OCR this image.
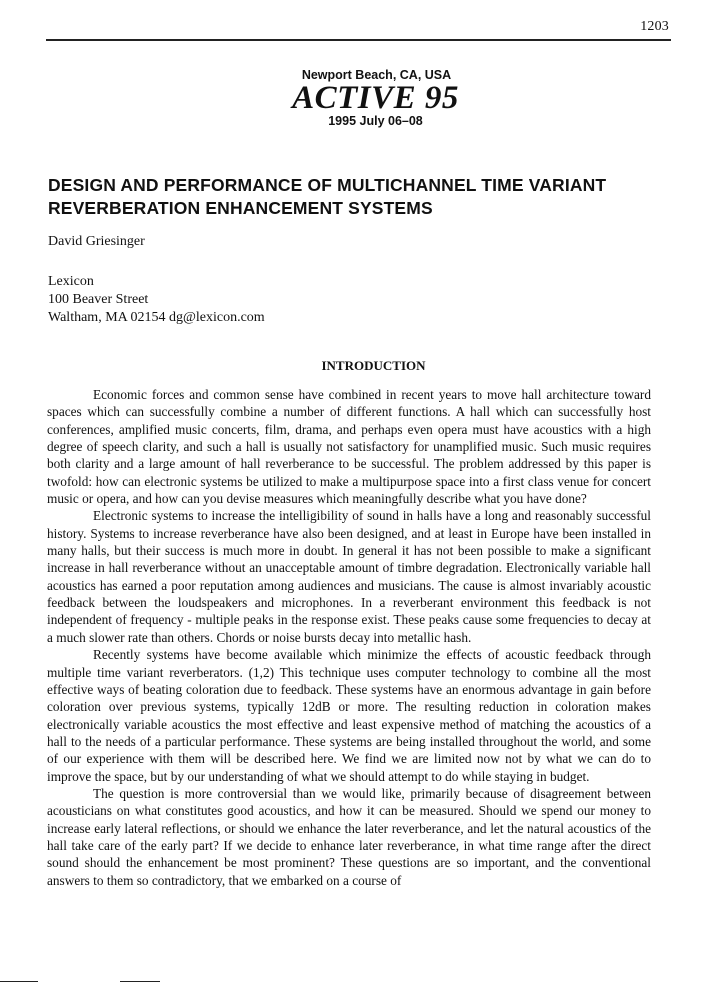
1203
Newport Beach, CA, USA
ACTIVE 95
1995 July 06–08
DESIGN AND PERFORMANCE OF MULTICHANNEL TIME VARIANT REVERBERATION ENHANCEMENT SYSTEMS
David Griesinger
Lexicon
100 Beaver Street
Waltham, MA 02154 dg@lexicon.com
INTRODUCTION

Economic forces and common sense have combined in recent years to move hall architecture toward spaces which can successfully combine a number of different functions. A hall which can successfully host conferences, amplified music concerts, film, drama, and perhaps even opera must have acoustics with a high degree of speech clarity, and such a hall is usually not satisfactory for unamplified music. Such music requires both clarity and a large amount of hall reverberance to be successful. The problem addressed by this paper is twofold: how can electronic systems be utilized to make a multipurpose space into a first class venue for concert music or opera, and how can you devise measures which meaningfully describe what you have done?

Electronic systems to increase the intelligibility of sound in halls have a long and reasonably successful history. Systems to increase reverberance have also been designed, and at least in Europe have been installed in many halls, but their success is much more in doubt. In general it has not been possible to make a significant increase in hall reverberance without an unacceptable amount of timbre degradation. Electronically variable hall acoustics has earned a poor reputation among audiences and musicians. The cause is almost invariably acoustic feedback between the loudspeakers and microphones. In a reverberant environment this feedback is not independent of frequency - multiple peaks in the response exist. These peaks cause some frequencies to decay at a much slower rate than others. Chords or noise bursts decay into metallic hash.

Recently systems have become available which minimize the effects of acoustic feedback through multiple time variant reverberators. (1,2) This technique uses computer technology to combine all the most effective ways of beating coloration due to feedback. These systems have an enormous advantage in gain before coloration over previous systems, typically 12dB or more. The resulting reduction in coloration makes electronically variable acoustics the most effective and least expensive method of matching the acoustics of a hall to the needs of a particular performance. These systems are being installed throughout the world, and some of our experience with them will be described here. We find we are limited now not by what we can do to improve the space, but by our understanding of what we should attempt to do while staying in budget.

The question is more controversial than we would like, primarily because of disagreement between acousticians on what constitutes good acoustics, and how it can be measured. Should we spend our money to increase early lateral reflections, or should we enhance the later reverberance, and let the natural acoustics of the hall take care of the early part? If we decide to enhance later reverberance, in what time range after the direct sound should the enhancement be most prominent? These questions are so important, and the conventional answers to them so contradictory, that we embarked on a course of
